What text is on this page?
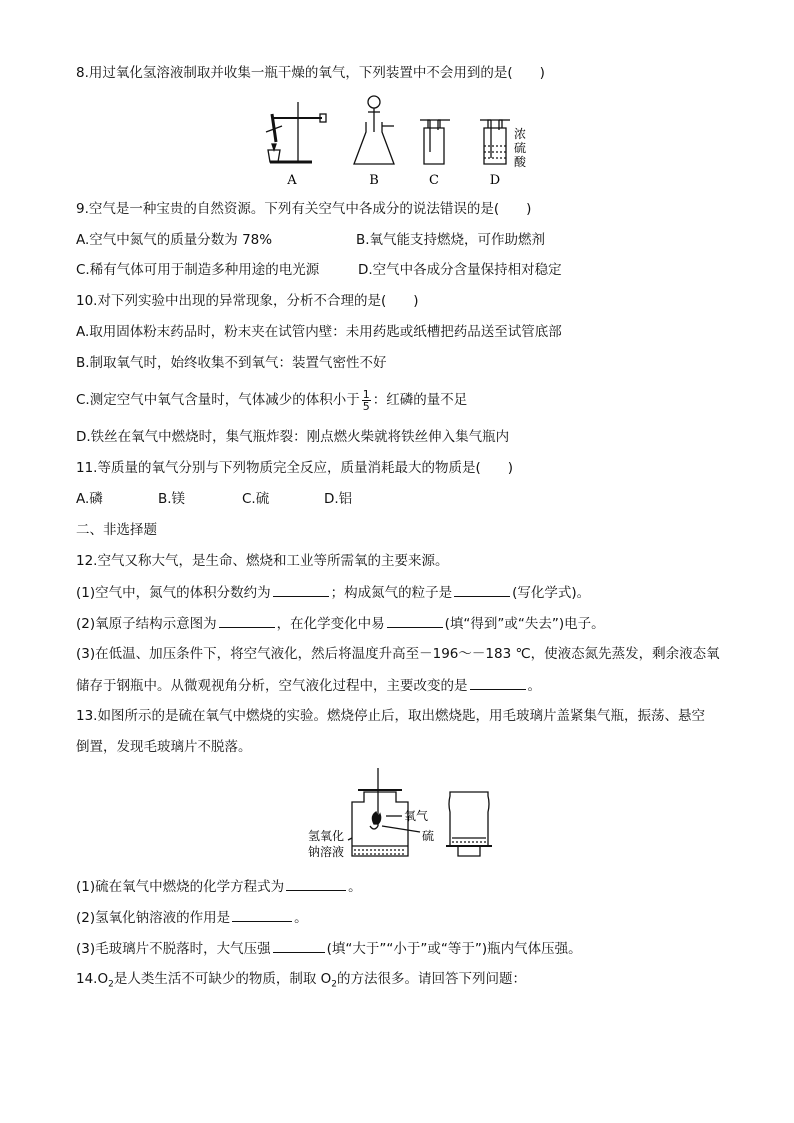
8.用过氧化氢溶液制取并收集一瓶干燥的氧气，下列装置中不会用到的是(　　)
A	B	C	D
浓
硫
酸
9.空气是一种宝贵的自然资源。下列有关空气中各成分的说法错误的是(　　)
A.空气中氮气的质量分数为 78%	B.氧气能支持燃烧，可作助燃剂
C.稀有气体可用于制造多种用途的电光源	D.空气中各成分含量保持相对稳定
10.对下列实验中出现的异常现象，分析不合理的是(　　)
A.取用固体粉末药品时，粉末夹在试管内壁：未用药匙或纸槽把药品送至试管底部
B.制取氧气时，始终收集不到氧气：装置气密性不好
C.测定空气中氧气含量时，气体减少的体积小于 $\frac{1}{5}$ ：红磷的量不足
D.铁丝在氧气中燃烧时，集气瓶炸裂：刚点燃火柴就将铁丝伸入集气瓶内
11.等质量的氧气分别与下列物质完全反应，质量消耗最大的物质是(　　)
A.磷	B.镁	C.硫	D.铝
二、非选择题
12.空气又称大气，是生命、燃烧和工业等所需氧的主要来源。
(1)空气中，氮气的体积分数约为	；构成氮气的粒子是	(写化学式)。
(2)氧原子结构示意图为	，在化学变化中易	(填“得到”或“失去”)电子。
(3)在低温、加压条件下，将空气液化，然后将温度升高至－196～－183 ℃，使液态氮先蒸发，剩余液态氧
储存于钢瓶中。从微观视角分析，空气液化过程中，主要改变的是	。
13.如图所示的是硫在氧气中燃烧的实验。燃烧停止后，取出燃烧匙，用毛玻璃片盖紧集气瓶，振荡、悬空
倒置，发现毛玻璃片不脱落。
氧气
硫
氢氧化
钠溶液
(1)硫在氧气中燃烧的化学方程式为	。
(2)氢氧化钠溶液的作用是	。
(3)毛玻璃片不脱落时，大气压强	(填“大于”“小于”或“等于”)瓶内气体压强。
$14.O_2$是人类生活不可缺少的物质，制取 $O_2$的方法很多。请回答下列问题：
